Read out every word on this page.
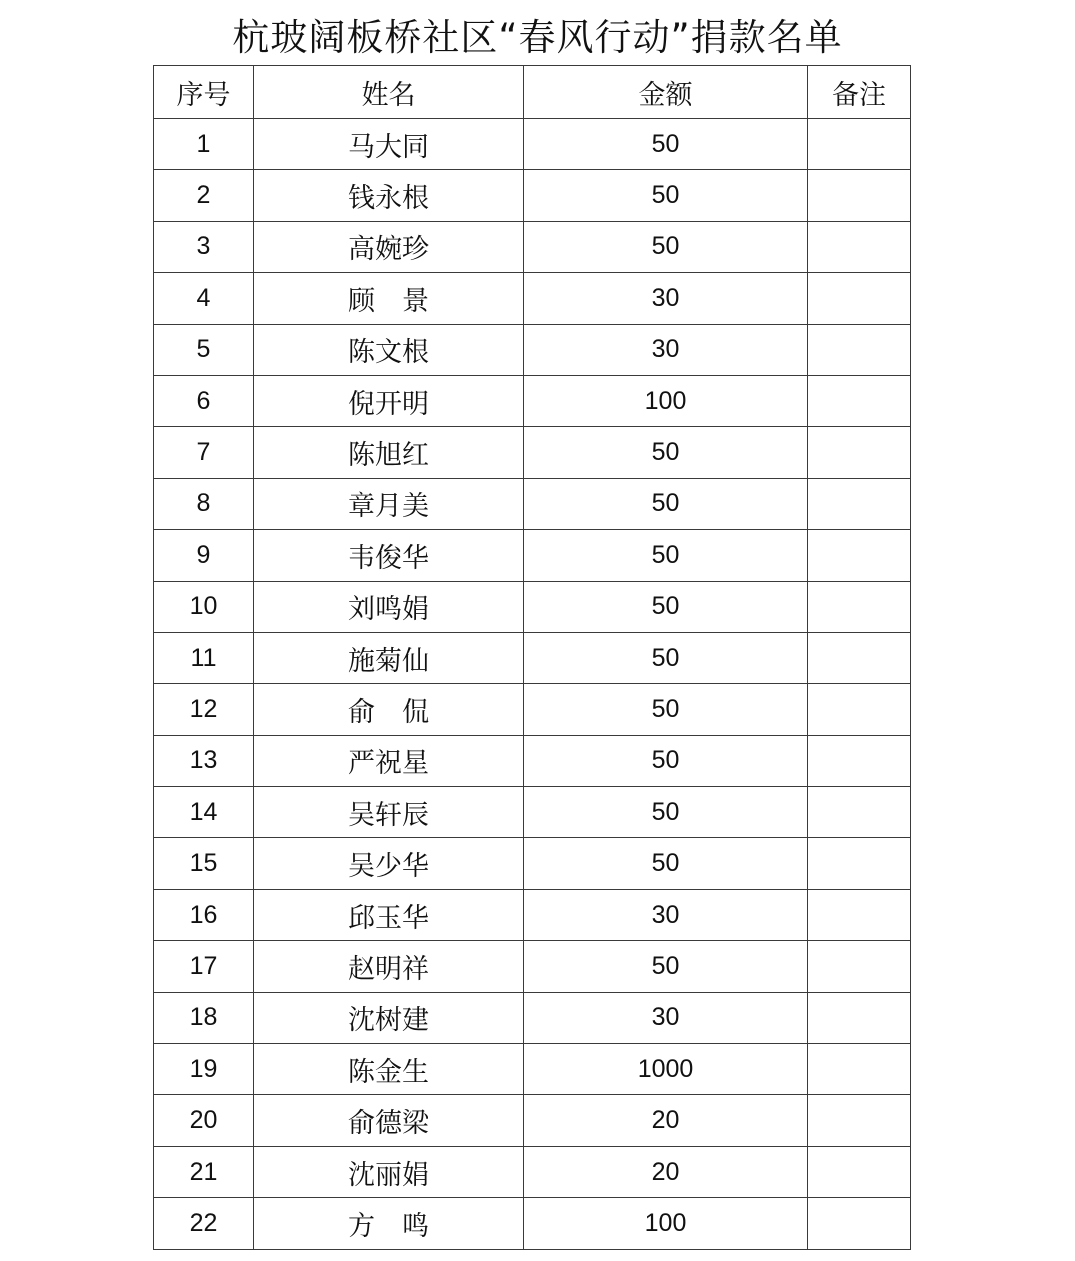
杭玻阔板桥社区“春风行动”捐款名单
序号	姓名	金额	备注
1	马大同	50	
2	钱永根	50	
3	高婉珍	50	
4	顾　景	30	
5	陈文根	30	
6	倪开明	100	
7	陈旭红	50	
8	章月美	50	
9	韦俊华	50	
10	刘鸣娟	50	
11	施菊仙	50	
12	俞　侃	50	
13	严祝星	50	
14	吴轩辰	50	
15	吴少华	50	
16	邱玉华	30	
17	赵明祥	50	
18	沈树建	30	
19	陈金生	1000	
20	俞德梁	20	
21	沈丽娟	20	
22	方　鸣	100	
